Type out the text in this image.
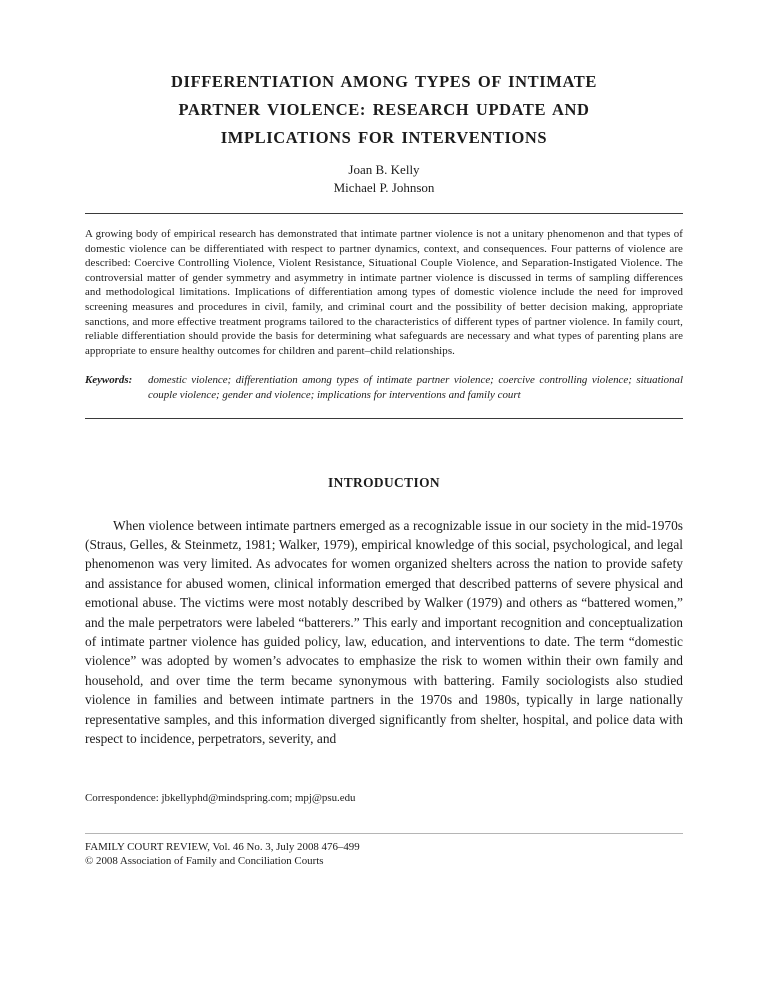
DIFFERENTIATION AMONG TYPES OF INTIMATE
PARTNER VIOLENCE: RESEARCH UPDATE AND
IMPLICATIONS FOR INTERVENTIONS
Joan B. Kelly
Michael P. Johnson

A growing body of empirical research has demonstrated that intimate partner violence is not a unitary phenomenon and that types of domestic violence can be differentiated with respect to partner dynamics, context, and consequences. Four patterns of violence are described: Coercive Controlling Violence, Violent Resistance, Situational Couple Violence, and Separation-Instigated Violence. The controversial matter of gender symmetry and asymmetry in intimate partner violence is discussed in terms of sampling differences and methodological limitations. Implications of differentiation among types of domestic violence include the need for improved screening measures and procedures in civil, family, and criminal court and the possibility of better decision making, appropriate sanctions, and more effective treatment programs tailored to the characteristics of different types of partner violence. In family court, reliable differentiation should provide the basis for determining what safeguards are necessary and what types of parenting plans are appropriate to ensure healthy outcomes for children and parent–child relationships.

Keywords:	domestic violence; differentiation among types of intimate partner violence; coercive controlling violence; situational couple violence; gender and violence; implications for interventions and family court
INTRODUCTION

When violence between intimate partners emerged as a recognizable issue in our society in the mid-1970s (Straus, Gelles, & Steinmetz, 1981; Walker, 1979), empirical knowledge of this social, psychological, and legal phenomenon was very limited. As advocates for women organized shelters across the nation to provide safety and assistance for abused women, clinical information emerged that described patterns of severe physical and emotional abuse. The victims were most notably described by Walker (1979) and others as “battered women,” and the male perpetrators were labeled “batterers.” This early and important recognition and conceptualization of intimate partner violence has guided policy, law, education, and interventions to date. The term “domestic violence” was adopted by women’s advocates to emphasize the risk to women within their own family and household, and over time the term became synonymous with battering. Family sociologists also studied violence in families and between intimate partners in the 1970s and 1980s, typically in large nationally representative samples, and this information diverged significantly from shelter, hospital, and police data with respect to incidence, perpetrators, severity, and

Correspondence: jbkellyphd@mindspring.com; mpj@psu.edu
FAMILY COURT REVIEW, Vol. 46 No. 3, July 2008 476–499
© 2008 Association of Family and Conciliation Courts
